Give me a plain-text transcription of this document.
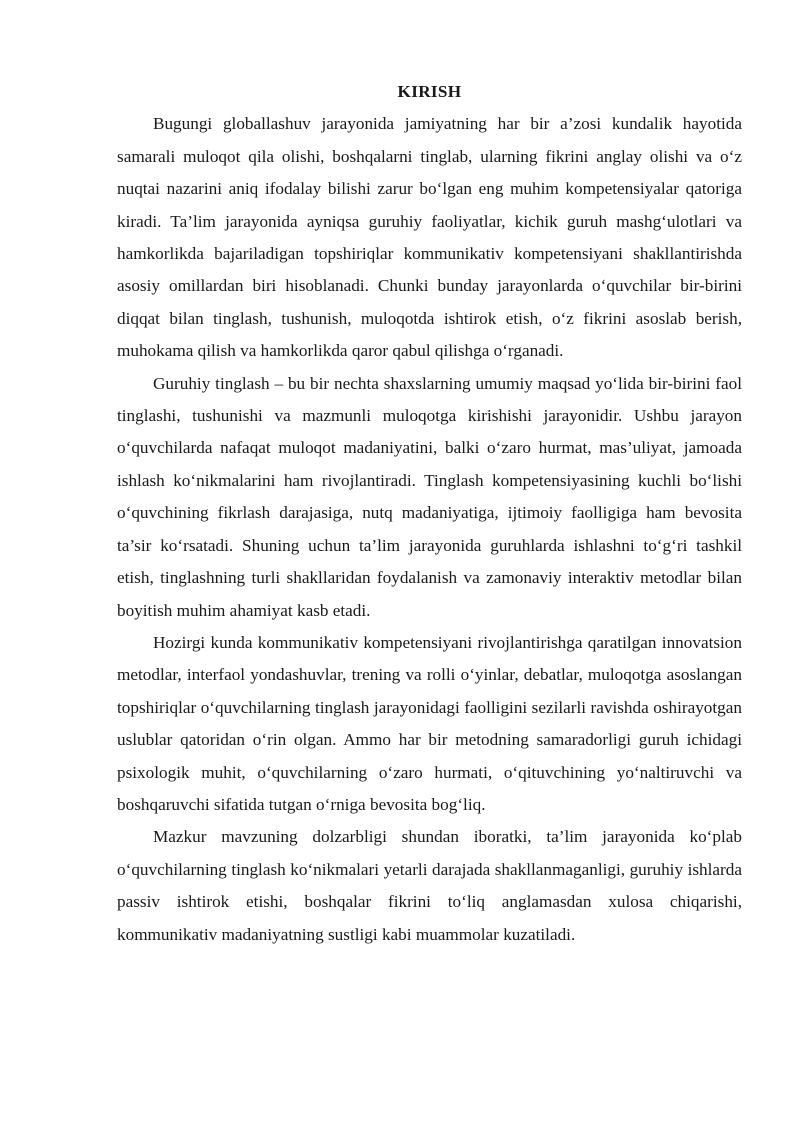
KIRISH

Bugungi globallashuv jarayonida jamiyatning har bir a’zosi kundalik hayotida samarali muloqot qila olishi, boshqalarni tinglab, ularning fikrini anglay olishi va o‘z nuqtai nazarini aniq ifodalay bilishi zarur bo‘lgan eng muhim kompetensiyalar qatoriga kiradi. Ta’lim jarayonida ayniqsa guruhiy faoliyatlar, kichik guruh mashg‘ulotlari va hamkorlikda bajariladigan topshiriqlar kommunikativ kompetensiyani shakllantirishda asosiy omillardan biri hisoblanadi. Chunki bunday jarayonlarda o‘quvchilar bir-birini diqqat bilan tinglash, tushunish, muloqotda ishtirok etish, o‘z fikrini asoslab berish, muhokama qilish va hamkorlikda qaror qabul qilishga o‘rganadi.

Guruhiy tinglash – bu bir nechta shaxslarning umumiy maqsad yo‘lida bir-birini faol tinglashi, tushunishi va mazmunli muloqotga kirishishi jarayonidir. Ushbu jarayon o‘quvchilarda nafaqat muloqot madaniyatini, balki o‘zaro hurmat, mas’uliyat, jamoada ishlash ko‘nikmalarini ham rivojlantiradi. Tinglash kompetensiyasining kuchli bo‘lishi o‘quvchining fikrlash darajasiga, nutq madaniyatiga, ijtimoiy faolligiga ham bevosita ta’sir ko‘rsatadi. Shuning uchun ta’lim jarayonida guruhlarda ishlashni to‘g‘ri tashkil etish, tinglashning turli shakllaridan foydalanish va zamonaviy interaktiv metodlar bilan boyitish muhim ahamiyat kasb etadi.

Hozirgi kunda kommunikativ kompetensiyani rivojlantirishga qaratilgan innovatsion metodlar, interfaol yondashuvlar, trening va rolli o‘yinlar, debatlar, muloqotga asoslangan topshiriqlar o‘quvchilarning tinglash jarayonidagi faolligini sezilarli ravishda oshirayotgan uslublar qatoridan o‘rin olgan. Ammo har bir metodning samaradorligi guruh ichidagi psixologik muhit, o‘quvchilarning o‘zaro hurmati, o‘qituvchining yo‘naltiruvchi va boshqaruvchi sifatida tutgan o‘rniga bevosita bog‘liq.

Mazkur mavzuning dolzarbligi shundan iboratki, ta’lim jarayonida ko‘plab o‘quvchilarning tinglash ko‘nikmalari yetarli darajada shakllanmaganligi, guruhiy ishlarda passiv ishtirok etishi, boshqalar fikrini to‘liq anglamasdan xulosa chiqarishi, kommunikativ madaniyatning sustligi kabi muammolar kuzatiladi.
